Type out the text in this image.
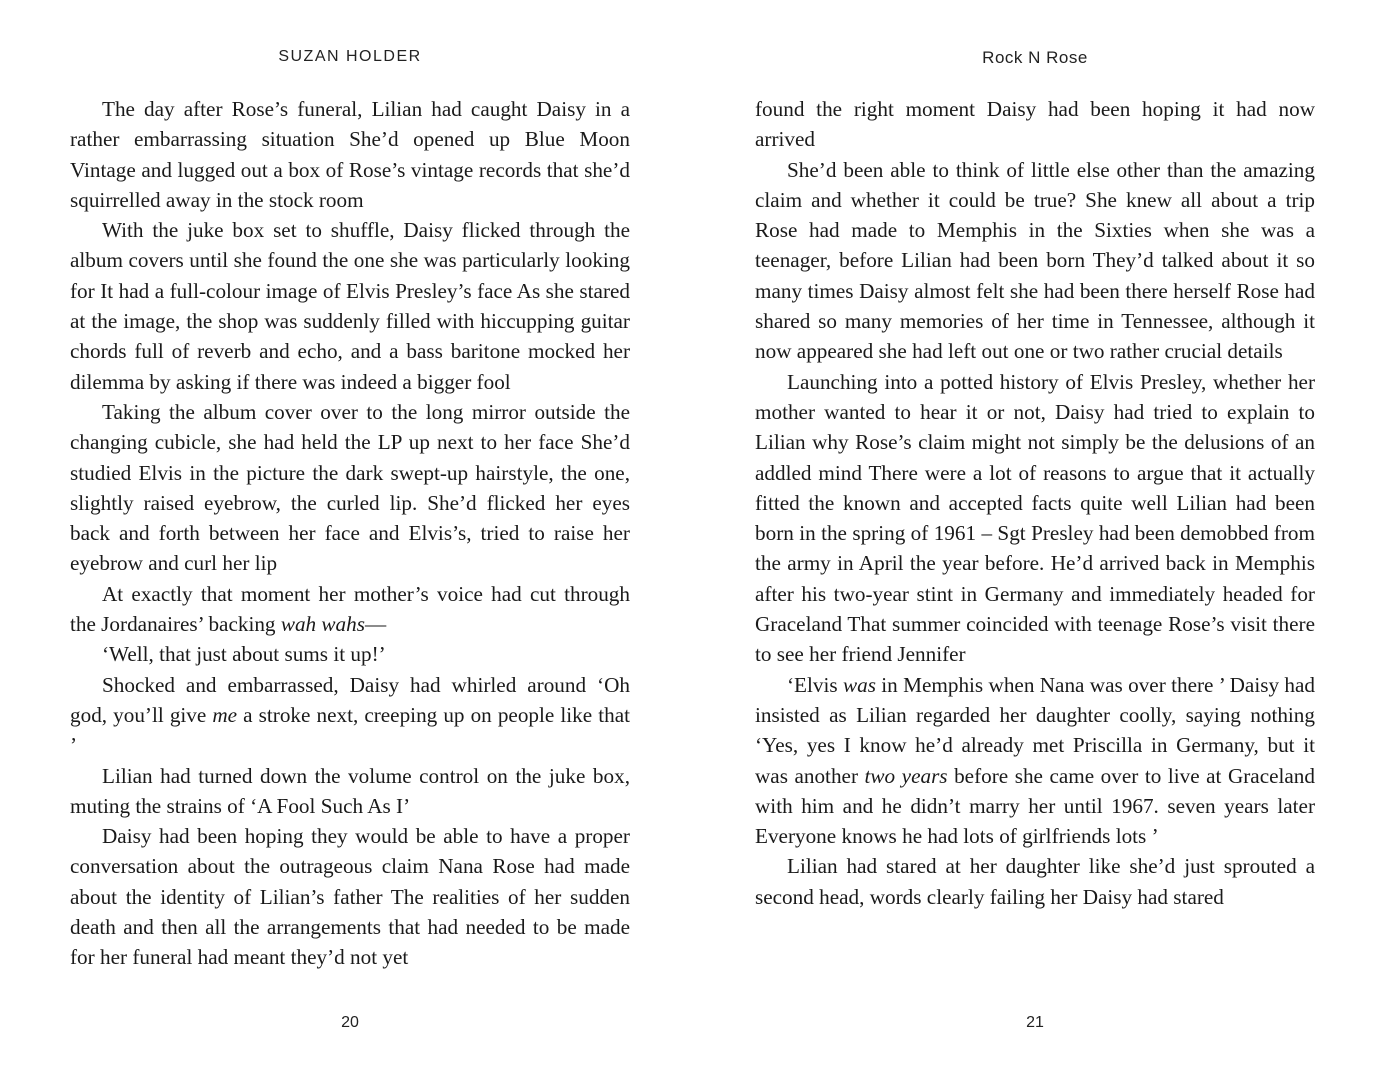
SUZAN HOLDER

The day after Rose’s funeral, Lilian had caught Daisy in a rather embarrassing situation She’d opened up Blue Moon Vintage and lugged out a box of Rose’s vintage records that she’d squirrelled away in the stock room

With the juke box set to shuffle, Daisy flicked through the album covers until she found the one she was particularly looking for It had a full-colour image of Elvis Presley’s face As she stared at the image, the shop was suddenly filled with hiccupping guitar chords full of reverb and echo, and a bass baritone mocked her dilemma by asking if there was indeed a bigger fool

Taking the album cover over to the long mirror outside the changing cubicle, she had held the LP up next to her face She’d studied Elvis in the picture the dark swept-up hairstyle, the one, slightly raised eyebrow, the curled lip. She’d flicked her eyes back and forth between her face and Elvis’s, tried to raise her eyebrow and curl her lip

At exactly that moment her mother’s voice had cut through the Jordanaires’ backing wah wahs—

‘Well, that just about sums it up!’

Shocked and embarrassed, Daisy had whirled around ‘Oh god, you’ll give me a stroke next, creeping up on people like that ’

Lilian had turned down the volume control on the juke box, muting the strains of ‘A Fool Such As I’

Daisy had been hoping they would be able to have a proper conversation about the outrageous claim Nana Rose had made about the identity of Lilian’s father The realities of her sudden death and then all the arrangements that had needed to be made for her funeral had meant they’d not yet

20
Rock N Rose

found the right moment Daisy had been hoping it had now arrived

She’d been able to think of little else other than the amazing claim and whether it could be true? She knew all about a trip Rose had made to Memphis in the Sixties when she was a teenager, before Lilian had been born They’d talked about it so many times Daisy almost felt she had been there herself Rose had shared so many memories of her time in Tennessee, although it now appeared she had left out one or two rather crucial details

Launching into a potted history of Elvis Presley, whether her mother wanted to hear it or not, Daisy had tried to explain to Lilian why Rose’s claim might not simply be the delusions of an addled mind There were a lot of reasons to argue that it actually fitted the known and accepted facts quite well Lilian had been born in the spring of 1961 – Sgt Presley had been demobbed from the army in April the year before. He’d arrived back in Memphis after his two-year stint in Germany and immediately headed for Graceland That summer coincided with teenage Rose’s visit there to see her friend Jennifer

‘Elvis was in Memphis when Nana was over there ’ Daisy had insisted as Lilian regarded her daughter coolly, saying nothing ‘Yes, yes I know he’d already met Priscilla in Germany, but it was another two years before she came over to live at Graceland with him and he didn’t marry her until 1967. seven years later Everyone knows he had lots of girlfriends lots ’

Lilian had stared at her daughter like she’d just sprouted a second head, words clearly failing her Daisy had stared

21
